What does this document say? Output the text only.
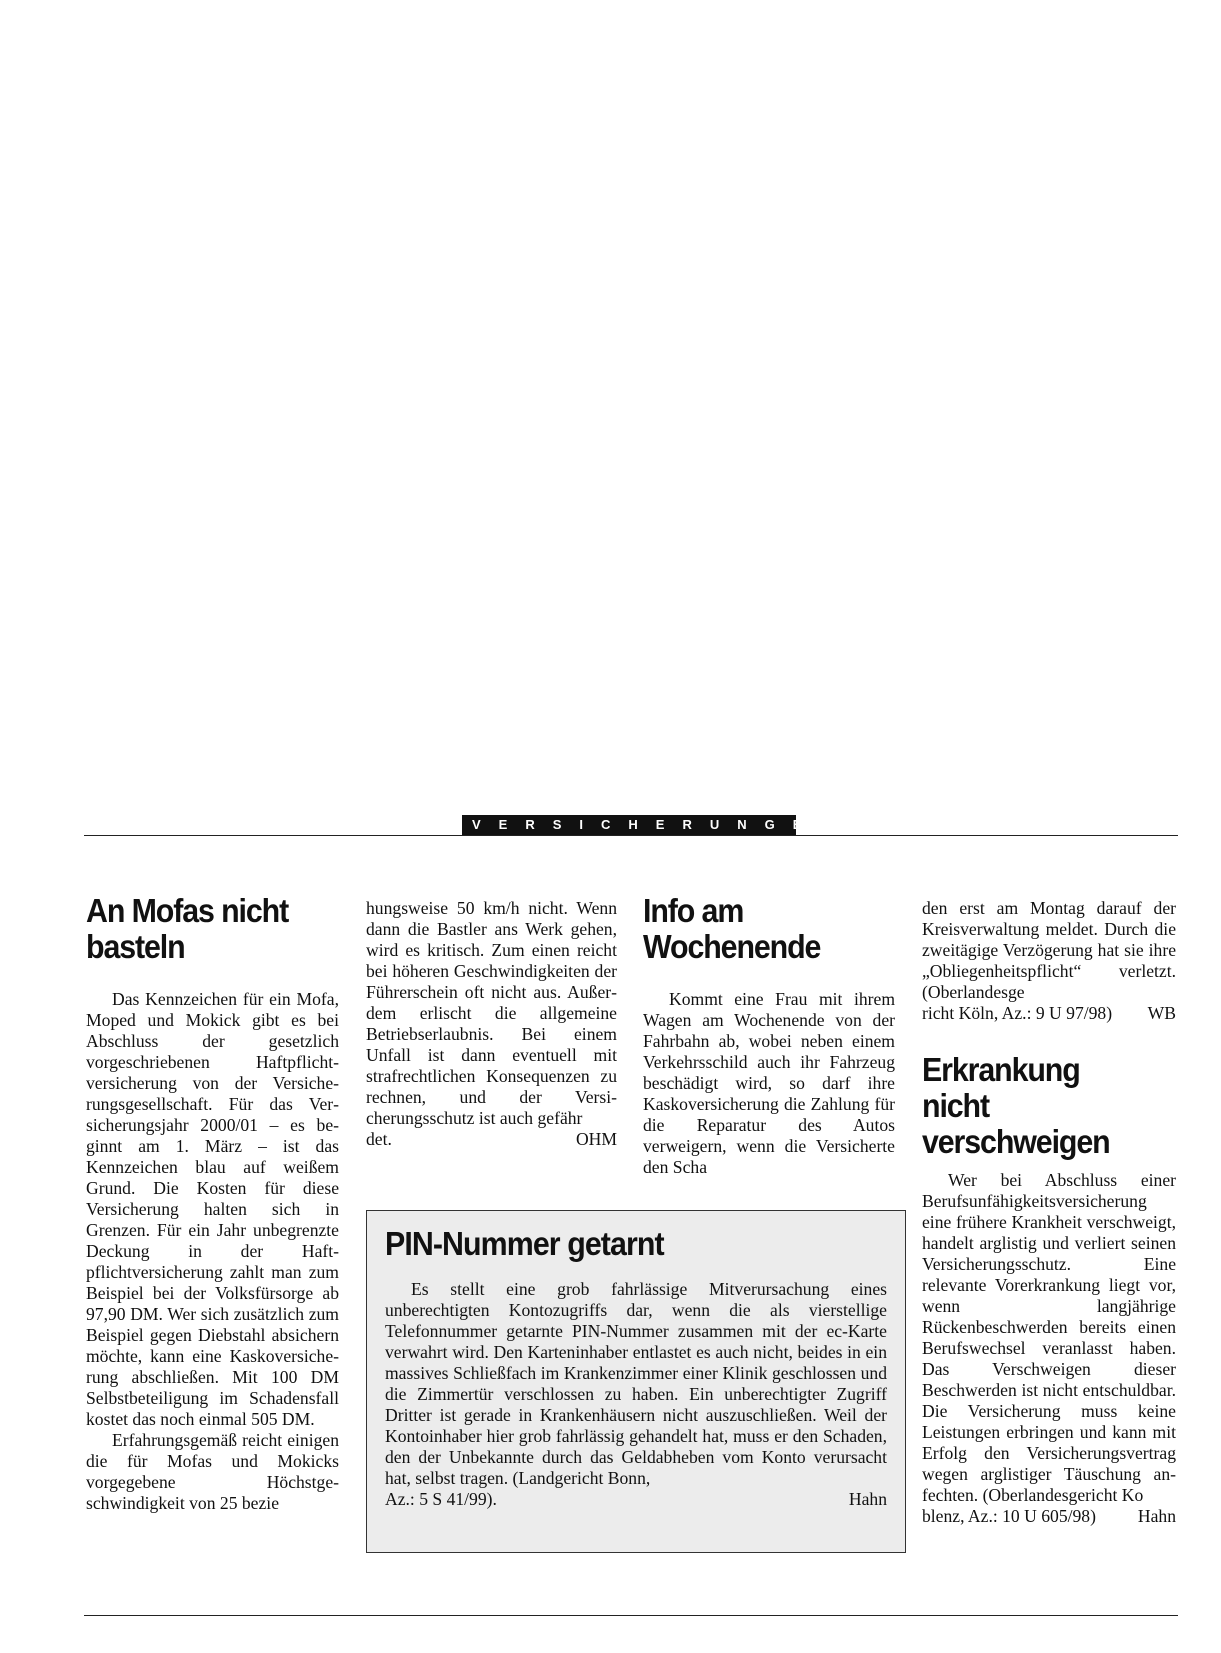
VERSICHERUNGEN
An Mofas nicht
basteln

Das Kennzeichen für ein Mofa, Moped und Mokick gibt es bei Abschluss der gesetzlich vorgeschriebenen Haftpflichtversicherung von der Versicherungsgesellschaft. Für das Versicherungsjahr 2000/01 – es beginnt am 1. März – ist das Kennzeichen blau auf weißem Grund. Die Kosten für diese Versicherung halten sich in Grenzen. Für ein Jahr unbegrenzte Deckung in der Haftpflichtversicherung zahlt man zum Beispiel bei der Volksfürsorge ab 97,90 DM. Wer sich zusätzlich zum Beispiel gegen Diebstahl absichern möchte, kann eine Kaskoversicherung abschließen. Mit 100 DM Selbstbeteiligung im Schadensfall kostet das noch einmal 505 DM.

Erfahrungsgemäß reicht einigen die für Mofas und Mokicks vorgegebene Höchstgeschwindigkeit von 25 bezie

hungsweise 50 km/h nicht. Wenn dann die Bastler ans Werk gehen, wird es kritisch. Zum einen reicht bei höheren Geschwindigkeiten der Führerschein oft nicht aus. Außerdem erlischt die allgemeine Betriebserlaubnis. Bei einem Unfall ist dann eventuell mit strafrechtlichen Konsequenzen zu rechnen, und der Versicherungsschutz ist auch gefähr

det.	OHM
Info am
Wochenende

Kommt eine Frau mit ihrem Wagen am Wochenende von der Fahrbahn ab, wobei neben einem Verkehrsschild auch ihr Fahrzeug beschädigt wird, so darf ihre Kaskoversicherung die Zahlung für die Reparatur des Autos verweigern, wenn die Versicherte den Scha

den erst am Montag darauf der Kreisverwaltung meldet. Durch die zweitägige Verzögerung hat sie ihre „Obliegenheitspflicht“ verletzt. (Oberlandesge

richt Köln, Az.: 9 U 97/98) WB
Erkrankung
nicht
verschweigen

Wer bei Abschluss einer Berufsunfähigkeitsversicherung eine frühere Krankheit verschweigt, handelt arglistig und verliert seinen Versicherungsschutz. Eine relevante Vorerkrankung liegt vor, wenn langjährige Rückenbeschwerden bereits einen Berufswechsel veranlasst haben. Das Verschweigen dieser Beschwerden ist nicht entschuldbar. Die Versicherung muss keine Leistungen erbringen und kann mit Erfolg den Versicherungsvertrag wegen arglistiger Täuschung anfechten. (Oberlandesgericht Ko

blenz, Az.: 10 U 605/98) Hahn
PIN-Nummer getarnt

Es stellt eine grob fahrlässige Mitverursachung eines unberechtigten Kontozugriffs dar, wenn die als vierstellige Telefonnummer getarnte PIN-Nummer zusammen mit der ec-Karte verwahrt wird. Den Karteninhaber entlastet es auch nicht, beides in ein massives Schließfach im Krankenzimmer einer Klinik geschlossen und die Zimmertür verschlossen zu haben. Ein unberechtigter Zugriff Dritter ist gerade in Krankenhäusern nicht auszuschließen. Weil der Kontoinhaber hier grob fahrlässig gehandelt hat, muss er den Schaden, den der Unbekannte durch das Geldabheben vom Konto verursacht hat, selbst tragen. (Landgericht Bonn,

Az.: 5 S 41/99).	Hahn
